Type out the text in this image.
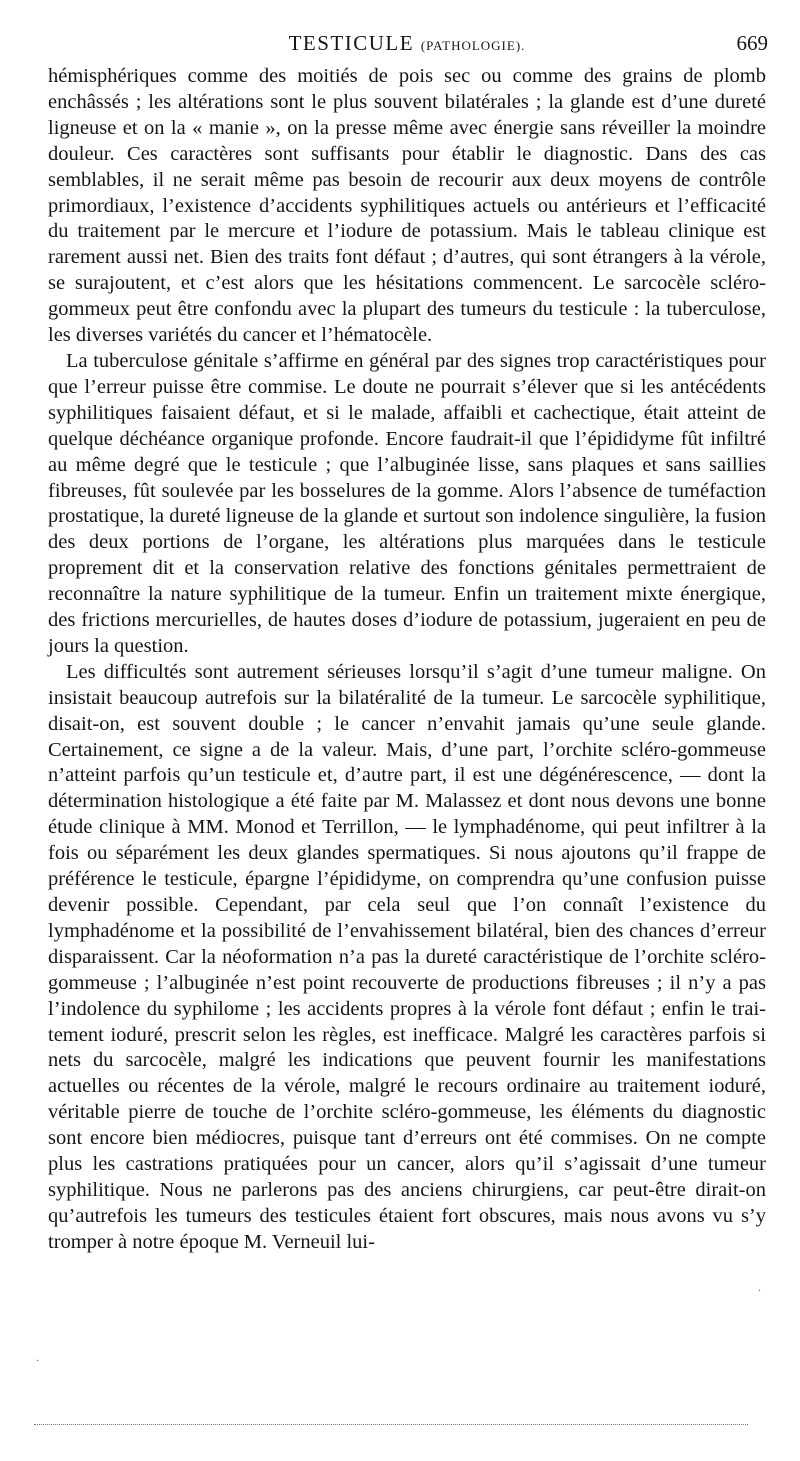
TESTICULE (PATHOLOGIE).	669

hémisphériques comme des moitiés de pois sec ou comme des grains de plomb enchâssés ; les altérations sont le plus souvent bilatérales ; la glande est d’une dureté ligneuse et on la « manie », on la presse même avec énergie sans réveiller la moindre douleur. Ces caractères sont suffisants pour établir le diagnostic. Dans des cas semblables, il ne serait même pas besoin de recourir aux deux moyens de contrôle primordiaux, l’existence d’accidents syphilitiques actuels ou antérieurs et l’efficacité du traitement par le mercure et l’iodure de potassium. Mais le tableau clinique est rarement aussi net. Bien des traits font défaut ; d’autres, qui sont étrangers à la vérole, se surajoutent, et c’est alors que les hésitations commencent. Le sarcocèle scléro-gommeux peut être confondu avec la plupart des tumeurs du testicule : la tuberculose, les diverses variétés du cancer et l’hématocèle.

La tuberculose génitale s’affirme en général par des signes trop caractéristiques pour que l’erreur puisse être commise. Le doute ne pourrait s’élever que si les antécédents syphilitiques faisaient défaut, et si le malade, affaibli et cachectique, était atteint de quelque déchéance organique profonde. Encore faudrait-il que l’épididyme fût infiltré au même degré que le testicule ; que l’albuginée lisse, sans plaques et sans saillies fibreuses, fût soulevée par les bosselures de la gomme. Alors l’absence de tuméfaction prostatique, la dureté ligneuse de la glande et surtout son indolence singulière, la fusion des deux portions de l’organe, les altérations plus marquées dans le testicule proprement dit et la conservation relative des fonctions génitales permettraient de reconnaître la nature syphilitique de la tumeur. Enfin un traitement mixte énergique, des frictions mercurielles, de hautes doses d’iodure de potassium, jugeraient en peu de jours la question.

Les difficultés sont autrement sérieuses lorsqu’il s’agit d’une tumeur maligne. On insistait beaucoup autrefois sur la bilatéralité de la tumeur. Le sarcocèle syphilitique, disait-on, est souvent double ; le cancer n’envahit jamais qu’une seule glande. Certainement, ce signe a de la valeur. Mais, d’une part, l’orchite scléro-gommeuse n’atteint parfois qu’un testicule et, d’autre part, il est une dégénérescence, — dont la détermination histologique a été faite par M. Malassez et dont nous devons une bonne étude clinique à MM. Monod et Terrillon, — le lymphadénome, qui peut infiltrer à la fois ou séparément les deux glandes spermatiques. Si nous ajoutons qu’il frappe de préférence le testicule, épargne l’épididyme, on comprendra qu’une confusion puisse devenir possible. Cependant, par cela seul que l’on connaît l’existence du lymphadénome et la possibilité de l’envahissement bilatéral, bien des chances d’erreur disparaissent. Car la néoformation n’a pas la dureté caractéristique de l’orchite scléro-gommeuse ; l’albuginée n’est point recouverte de productions fibreuses ; il n’y a pas l’indolence du syphilome ; les accidents propres à la vérole font défaut ; enfin le traitement ioduré, prescrit selon les règles, est inefficace. Malgré les caractères parfois si nets du sarcocèle, malgré les indications que peuvent fournir les manifestations actuelles ou récentes de la vérole, malgré le recours ordinaire au traitement ioduré, véritable pierre de touche de l’orchite scléro-gommeuse, les éléments du diagnostic sont encore bien médiocres, puisque tant d’erreurs ont été commises. On ne compte plus les castrations pratiquées pour un cancer, alors qu’il s’agissait d’une tumeur syphilitique. Nous ne parlerons pas des anciens chirurgiens, car peut-être dirait-on qu’autrefois les tumeurs des testicules étaient fort obscures, mais nous avons vu s’y tromper à notre époque M. Verneuil lui-

.
.
